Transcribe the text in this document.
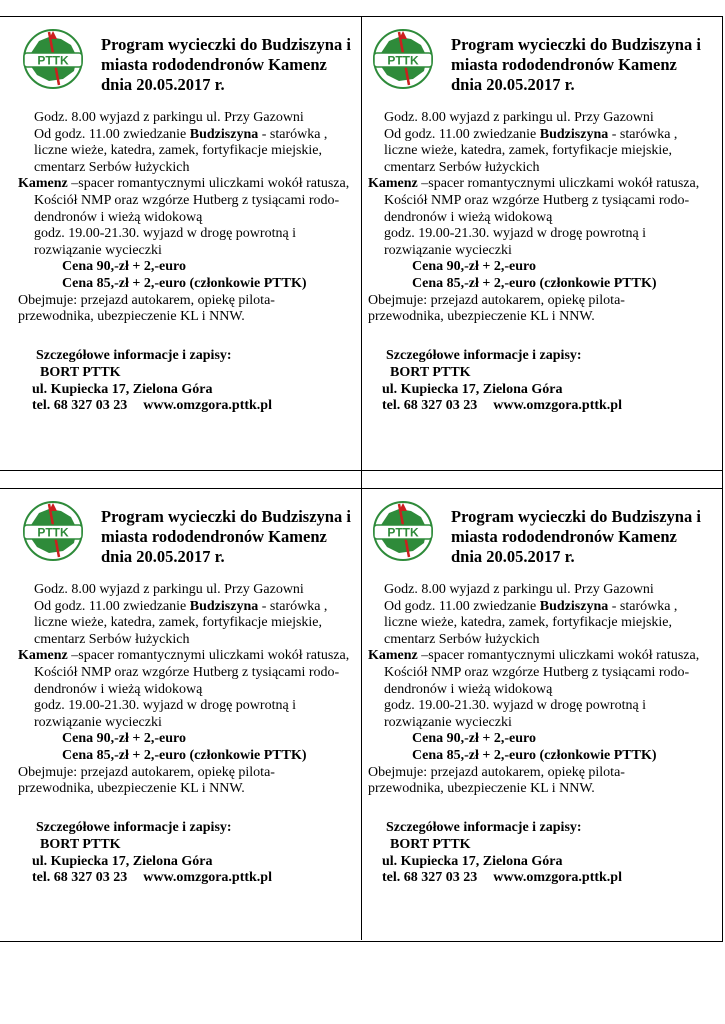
PTTK
Program wycieczki do Budziszyna i
miasta rododendronów Kamenz
dnia 20.05.2017 r.
Godz. 8.00 wyjazd z parkingu ul. Przy Gazowni
Od godz. 11.00 zwiedzanie Budziszyna - starówka ,
liczne wieże, katedra, zamek, fortyfikacje miejskie,
cmentarz Serbów łużyckich
Kamenz –spacer romantycznymi uliczkami wokół ratusza,
Kościół NMP oraz wzgórze Hutberg z tysiącami rodo-
dendronów i wieżą widokową
godz. 19.00-21.30. wyjazd w drogę powrotną i
rozwiązanie wycieczki
Cena 90,-zł + 2,-euro
Cena 85,-zł + 2,-euro (członkowie PTTK)
Obejmuje: przejazd autokarem, opiekę pilota-
przewodnika, ubezpieczenie KL i NNW.
Szczegółowe informacje i zapisy:
BORT PTTK
ul. Kupiecka 17, Zielona Góra
tel. 68 327 03 23 www.omzgora.pttk.pl
PTTK
Program wycieczki do Budziszyna i
miasta rododendronów Kamenz
dnia 20.05.2017 r.
Godz. 8.00 wyjazd z parkingu ul. Przy Gazowni
Od godz. 11.00 zwiedzanie Budziszyna - starówka ,
liczne wieże, katedra, zamek, fortyfikacje miejskie,
cmentarz Serbów łużyckich
Kamenz –spacer romantycznymi uliczkami wokół ratusza,
Kościół NMP oraz wzgórze Hutberg z tysiącami rodo-
dendronów i wieżą widokową
godz. 19.00-21.30. wyjazd w drogę powrotną i
rozwiązanie wycieczki
Cena 90,-zł + 2,-euro
Cena 85,-zł + 2,-euro (członkowie PTTK)
Obejmuje: przejazd autokarem, opiekę pilota-
przewodnika, ubezpieczenie KL i NNW.
Szczegółowe informacje i zapisy:
BORT PTTK
ul. Kupiecka 17, Zielona Góra
tel. 68 327 03 23 www.omzgora.pttk.pl
PTTK
Program wycieczki do Budziszyna i
miasta rododendronów Kamenz
dnia 20.05.2017 r.
Godz. 8.00 wyjazd z parkingu ul. Przy Gazowni
Od godz. 11.00 zwiedzanie Budziszyna - starówka ,
liczne wieże, katedra, zamek, fortyfikacje miejskie,
cmentarz Serbów łużyckich
Kamenz –spacer romantycznymi uliczkami wokół ratusza,
Kościół NMP oraz wzgórze Hutberg z tysiącami rodo-
dendronów i wieżą widokową
godz. 19.00-21.30. wyjazd w drogę powrotną i
rozwiązanie wycieczki
Cena 90,-zł + 2,-euro
Cena 85,-zł + 2,-euro (członkowie PTTK)
Obejmuje: przejazd autokarem, opiekę pilota-
przewodnika, ubezpieczenie KL i NNW.
Szczegółowe informacje i zapisy:
BORT PTTK
ul. Kupiecka 17, Zielona Góra
tel. 68 327 03 23 www.omzgora.pttk.pl
PTTK
Program wycieczki do Budziszyna i
miasta rododendronów Kamenz
dnia 20.05.2017 r.
Godz. 8.00 wyjazd z parkingu ul. Przy Gazowni
Od godz. 11.00 zwiedzanie Budziszyna - starówka ,
liczne wieże, katedra, zamek, fortyfikacje miejskie,
cmentarz Serbów łużyckich
Kamenz –spacer romantycznymi uliczkami wokół ratusza,
Kościół NMP oraz wzgórze Hutberg z tysiącami rodo-
dendronów i wieżą widokową
godz. 19.00-21.30. wyjazd w drogę powrotną i
rozwiązanie wycieczki
Cena 90,-zł + 2,-euro
Cena 85,-zł + 2,-euro (członkowie PTTK)
Obejmuje: przejazd autokarem, opiekę pilota-
przewodnika, ubezpieczenie KL i NNW.
Szczegółowe informacje i zapisy:
BORT PTTK
ul. Kupiecka 17, Zielona Góra
tel. 68 327 03 23 www.omzgora.pttk.pl
